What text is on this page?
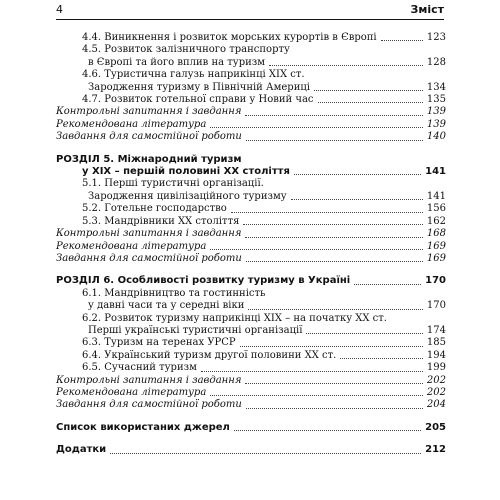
4	Зміст
4.4. Виникнення і розвиток морських курортів в Європі	123
4.5. Розвиток залізничного транспорту
в Європі та його вплив на туризм	128
4.6. Туристична галузь наприкінці ХІХ ст.
Зародження туризму в Північній Америці	134
4.7. Розвиток готельної справи у Новий час	135
Контрольні запитання і завдання	139
Рекомендована література	139
Завдання для самостійної роботи	140
РОЗДІЛ 5. Міжнародний туризм
у XIX – першій половині XX століття	141
5.1. Перші туристичні організації.
Зародження цивілізаційного туризму	141
5.2. Готельне господарство	156
5.3. Мандрівники ХХ століття	162
Контрольні запитання і завдання	168
Рекомендована література	169
Завдання для самостійної роботи	169
РОЗДІЛ 6. Особливості розвитку туризму в Україні	170
6.1. Мандрівництво та гостинність
у давні часи та у середні віки	170
6.2. Розвиток туризму наприкінці ХІХ – на початку ХХ ст.
Перші українські туристичні організації	174
6.3. Туризм на теренах УРСР	185
6.4. Український туризм другої половини ХХ ст.	194
6.5. Сучасний туризм	199
Контрольні запитання і завдання	202
Рекомендована література	202
Завдання для самостійної роботи	204
Список використаних джерел	205
Додатки	212
